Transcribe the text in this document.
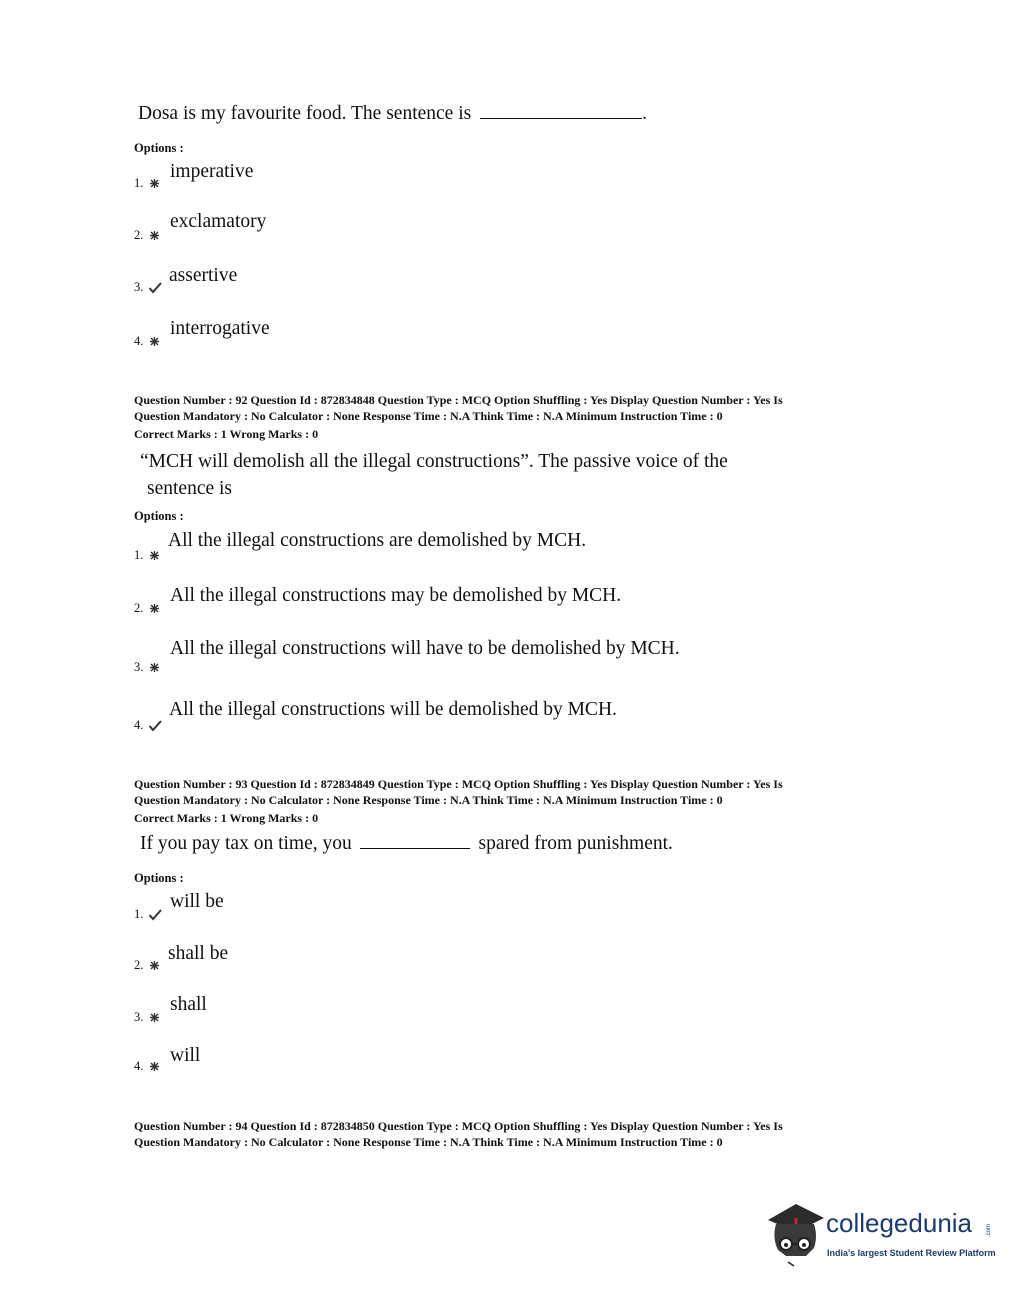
Dosa is my favourite food. The sentence is	.
Options :
1.
imperative
2.
exclamatory
3.
assertive
4.
interrogative
Question Number : 92 Question Id : 872834848 Question Type : MCQ Option Shuffling : Yes Display Question Number : Yes Is
Question Mandatory : No Calculator : None Response Time : N.A Think Time : N.A Minimum Instruction Time : 0
Correct Marks : 1 Wrong Marks : 0
“MCH will demolish all the illegal constructions”. The passive voice of the
sentence is
Options :
1.
All the illegal constructions are demolished by MCH.
2.
All the illegal constructions may be demolished by MCH.
3.
All the illegal constructions will have to be demolished by MCH.
4.
All the illegal constructions will be demolished by MCH.
Question Number : 93 Question Id : 872834849 Question Type : MCQ Option Shuffling : Yes Display Question Number : Yes Is
Question Mandatory : No Calculator : None Response Time : N.A Think Time : N.A Minimum Instruction Time : 0
Correct Marks : 1 Wrong Marks : 0
If you pay tax on time, you	spared from punishment.
Options :
1.
will be
2.
shall be
3.
shall
4. will
Question Number : 94 Question Id : 872834850 Question Type : MCQ Option Shuffling : Yes Display Question Number : Yes Is
Question Mandatory : No Calculator : None Response Time : N.A Think Time : N.A Minimum Instruction Time : 0
collegedunia .com
India's largest Student Review Platform
